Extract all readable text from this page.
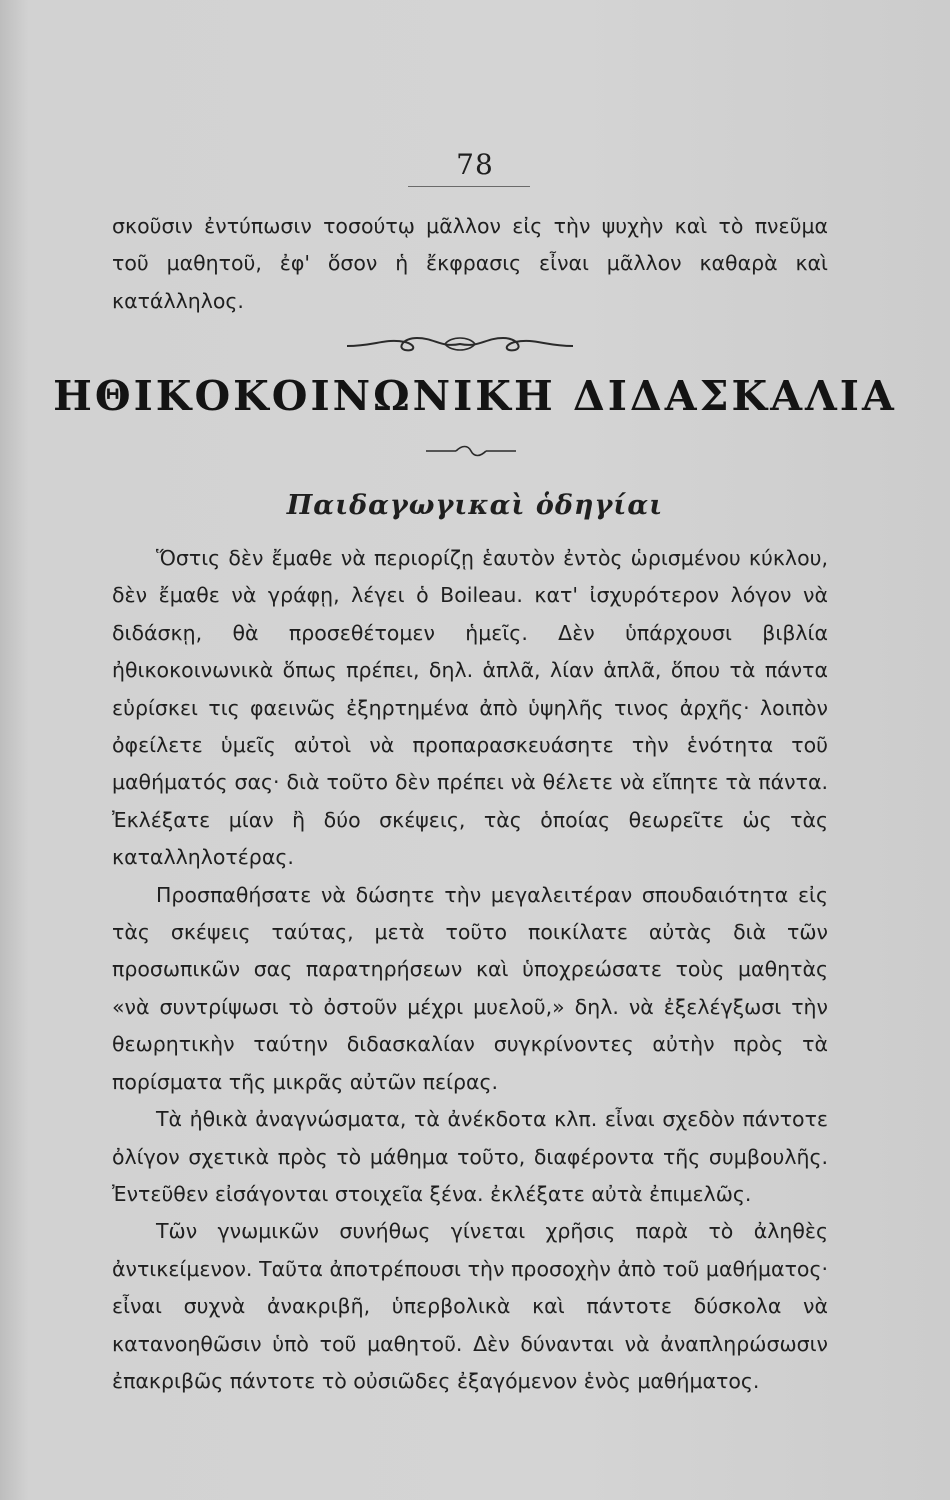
78

σκοῦσιν ἐντύπωσιν τοσούτῳ μᾶλλον εἰς τὴν ψυχὴν καὶ τὸ πνεῦμα τοῦ μαθητοῦ, ἐφ' ὅσον ἡ ἔκφρασις εἶναι μᾶλλον καθαρὰ καὶ κατάλληλος.

ΗΘΙΚΟΚΟΙΝΩΝΙΚΗ ΔΙΔΑΣΚΑΛΙΑ
Παιδαγωγικαὶ ὁδηγίαι

Ὅστις δὲν ἔμαθε νὰ περιορίζῃ ἑαυτὸν ἐντὸς ὡρισμένου κύκλου, δὲν ἔμαθε νὰ γράφῃ, λέγει ὁ Boileau. κατ' ἰσχυρότερον λόγον νὰ διδάσκῃ, θὰ προσεθέτομεν ἡμεῖς. Δὲν ὑπάρχουσι βιβλία ἠθικοκοινωνικὰ ὅπως πρέπει, δηλ. ἁπλᾶ, λίαν ἁπλᾶ, ὅπου τὰ πάντα εὑρίσκει τις φαεινῶς ἐξηρτημένα ἀπὸ ὑψηλῆς τινος ἀρχῆς· λοιπὸν ὀφείλετε ὑμεῖς αὐτοὶ νὰ προπαρασκευάσητε τὴν ἑνότητα τοῦ μαθήματός σας· διὰ τοῦτο δὲν πρέπει νὰ θέλετε νὰ εἴπητε τὰ πάντα. Ἐκλέξατε μίαν ἢ δύο σκέψεις, τὰς ὁποίας θεωρεῖτε ὡς τὰς καταλληλοτέρας.

Προσπαθήσατε νὰ δώσητε τὴν μεγαλειτέραν σπουδαιότητα εἰς τὰς σκέψεις ταύτας, μετὰ τοῦτο ποικίλατε αὐτὰς διὰ τῶν προσωπικῶν σας παρατηρήσεων καὶ ὑποχρεώσατε τοὺς μαθητὰς «νὰ συντρίψωσι τὸ ὀστοῦν μέχρι μυελοῦ,» δηλ. νὰ ἐξελέγξωσι τὴν θεωρητικὴν ταύτην διδασκαλίαν συγκρίνοντες αὐτὴν πρὸς τὰ πορίσματα τῆς μικρᾶς αὐτῶν πείρας.

Τὰ ἠθικὰ ἀναγνώσματα, τὰ ἀνέκδοτα κλπ. εἶναι σχεδὸν πάντοτε ὀλίγον σχετικὰ πρὸς τὸ μάθημα τοῦτο, διαφέροντα τῆς συμβουλῆς. Ἐντεῦθεν εἰσάγονται στοιχεῖα ξένα. ἐκλέξατε αὐτὰ ἐπιμελῶς.

Τῶν γνωμικῶν συνήθως γίνεται χρῆσις παρὰ τὸ ἀληθὲς ἀντικείμενον. Ταῦτα ἀποτρέπουσι τὴν προσοχὴν ἀπὸ τοῦ μαθήματος· εἶναι συχνὰ ἀνακριβῆ, ὑπερβολικὰ καὶ πάντοτε δύσκολα νὰ κατανοηθῶσιν ὑπὸ τοῦ μαθητοῦ. Δὲν δύνανται νὰ ἀναπληρώσωσιν ἐπακριβῶς πάντοτε τὸ οὐσιῶδες ἐξαγόμενον ἑνὸς μαθήματος.
